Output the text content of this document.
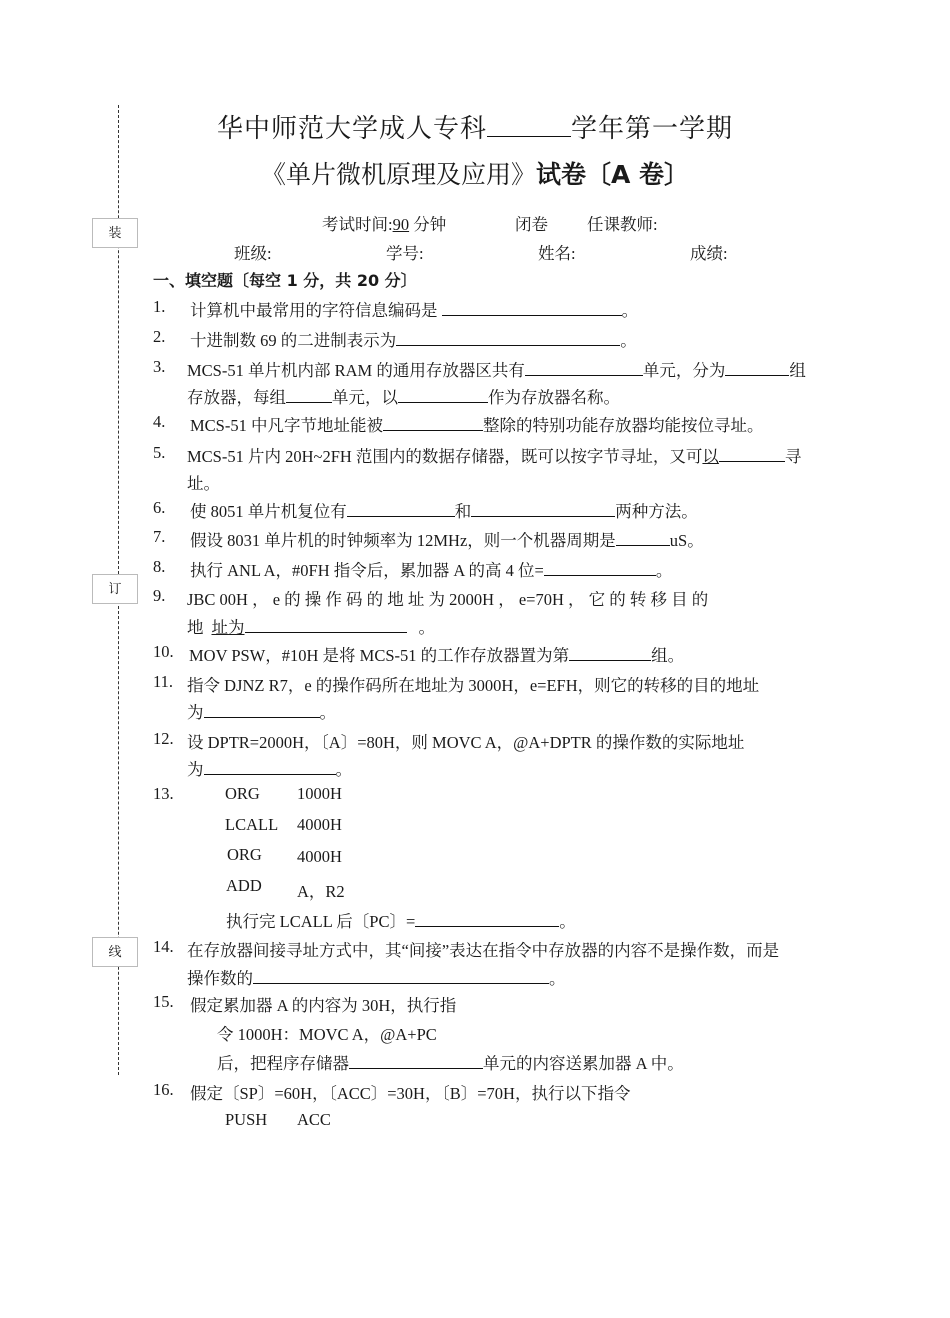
装
订
线
华中师范大学成人专科	学年第一学期
《单片微机原理及应用》试卷〔A 卷〕
考试时间:90 分钟	闭卷 任课教师:
班级:	学号:	姓名:	成绩:
一、填空题〔每空 1 分，共 20 分〕
1. 计算机中最常用的字符信息编码是	。
2. 十进制数 69 的二进制表示为	。
3. MCS-51 单片机内部 RAM 的通用存放器区共有	单元，分为	组
存放器，每组	单元，以	作为存放器名称。
4. MCS-51 中凡字节地址能被	整除的特别功能存放器均能按位寻址。
5. MCS-51 片内 20H~2FH 范围内的数据存储器，既可以按字节寻址，又可以	寻
址。
6. 使 8051 单片机复位有	和	两种方法。
7. 假设 8031 单片机的时钟频率为 12MHz，则一个机器周期是	uS。
8. 执行 ANL A，#0FH 指令后，累加器 A 的高 4 位=	。
9. JBC 00H ， e 的 操 作 码 的 地 址 为 2000H ， e=70H ， 它 的 转 移 目 的
地 址为	。
10. MOV PSW，#10H 是将 MCS-51 的工作存放器置为第	组。
11. 指令 DJNZ R7，e 的操作码所在地址为 3000H，e=EFH，则它的转移的目的地址
为	。
12. 设 DPTR=2000H，〔A〕=80H，则 MOVC A，@A+DPTR 的操作数的实际地址
为	。
13.	ORG 1000H
LCALL 4000H
ORG 4000H
ADD A，R2
执行完 LCALL 后〔PC〕=	。
14. 在存放器间接寻址方式中，其“间接”表达在指令中存放器的内容不是操作数，而是
操作数的	。
15. 假定累加器 A 的内容为 30H，执行指
令 1000H：MOVC A，@A+PC
后，把程序存储器	单元的内容送累加器 A 中。
16. 假定〔SP〕=60H，〔ACC〕=30H，〔B〕=70H，执行以下指令
PUSH ACC
